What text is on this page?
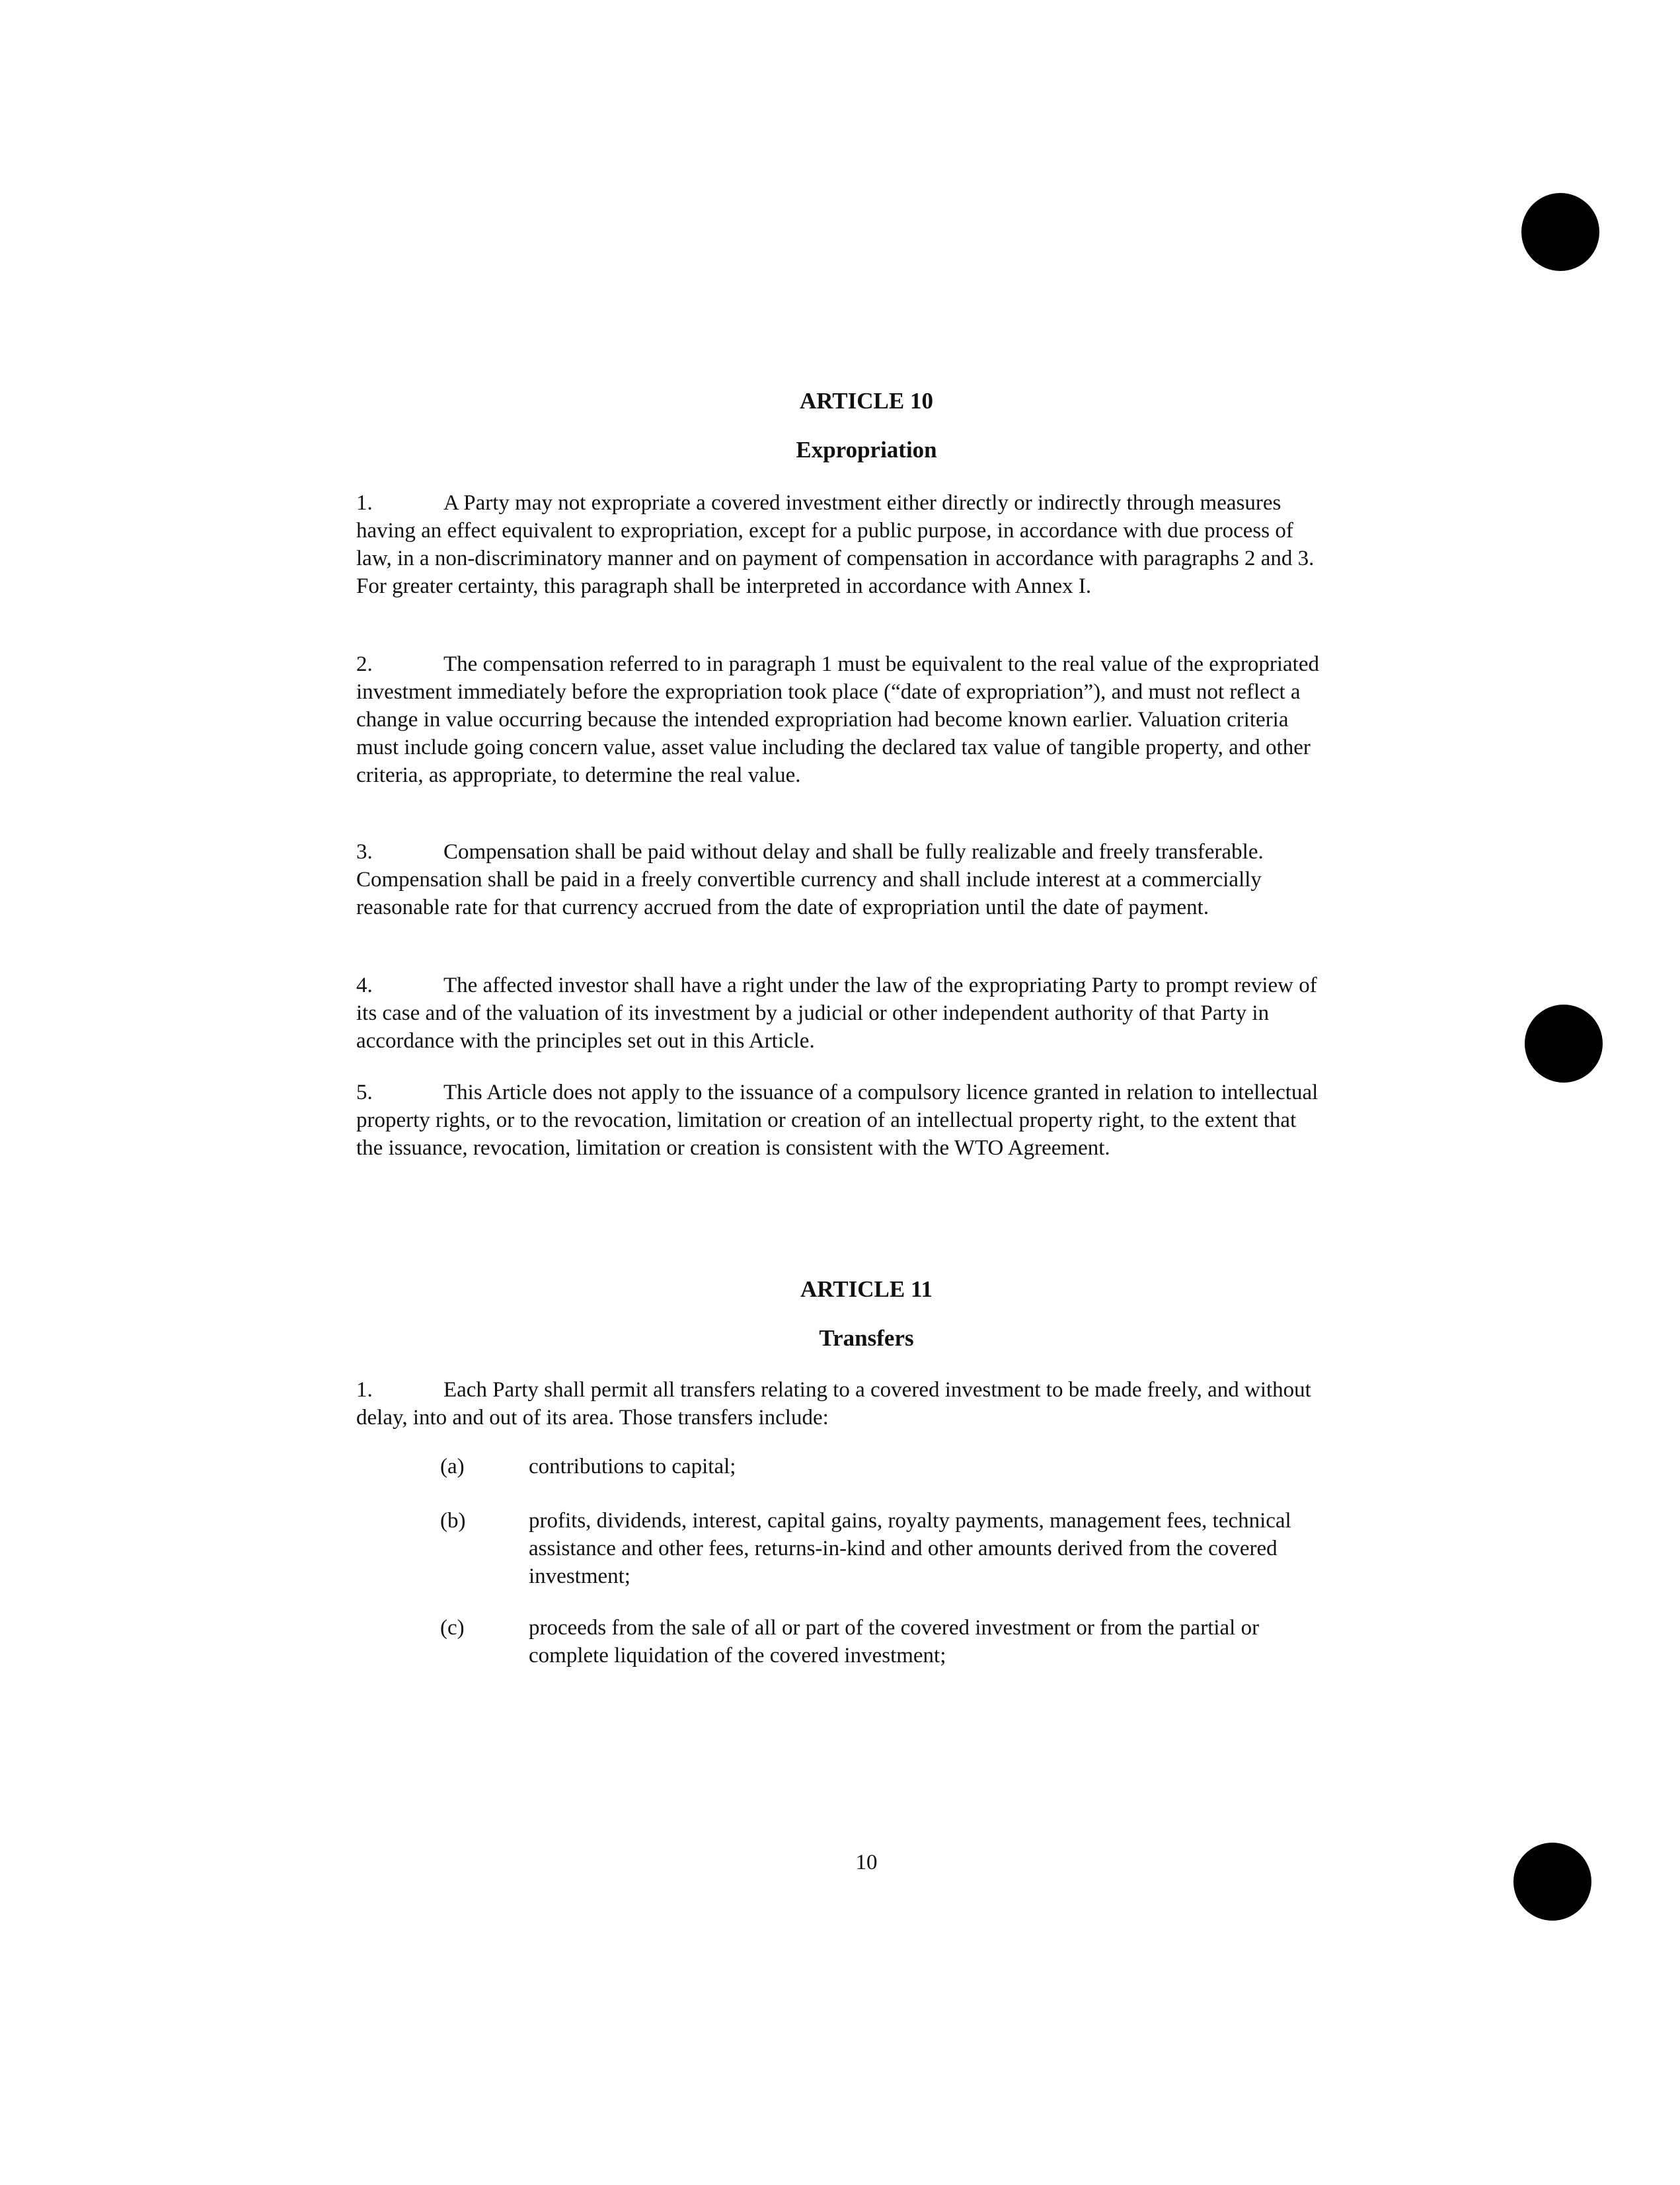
ARTICLE 10
Expropriation
1.	A Party may not expropriate a covered investment either directly or indirectly through measures having an effect equivalent to expropriation, except for a public purpose, in accordance with due process of law, in a non-discriminatory manner and on payment of compensation in accordance with paragraphs 2 and 3. For greater certainty, this paragraph shall be interpreted in accordance with Annex I.
2.	The compensation referred to in paragraph 1 must be equivalent to the real value of the expropriated investment immediately before the expropriation took place (“date of expropriation”), and must not reflect a change in value occurring because the intended expropriation had become known earlier. Valuation criteria must include going concern value, asset value including the declared tax value of tangible property, and other criteria, as appropriate, to determine the real value.
3.	Compensation shall be paid without delay and shall be fully realizable and freely transferable. Compensation shall be paid in a freely convertible currency and shall include interest at a commercially reasonable rate for that currency accrued from the date of expropriation until the date of payment.
4.	The affected investor shall have a right under the law of the expropriating Party to prompt review of its case and of the valuation of its investment by a judicial or other independent authority of that Party in accordance with the principles set out in this Article.
5.	This Article does not apply to the issuance of a compulsory licence granted in relation to intellectual property rights, or to the revocation, limitation or creation of an intellectual property right, to the extent that the issuance, revocation, limitation or creation is consistent with the WTO Agreement.
ARTICLE 11
Transfers
1.	Each Party shall permit all transfers relating to a covered investment to be made freely, and without delay, into and out of its area. Those transfers include:
(a)	contributions to capital;
(b)	profits, dividends, interest, capital gains, royalty payments, management fees, technical assistance and other fees, returns-in-kind and other amounts derived from the covered investment;
(c)	proceeds from the sale of all or part of the covered investment or from the partial or complete liquidation of the covered investment;
10
